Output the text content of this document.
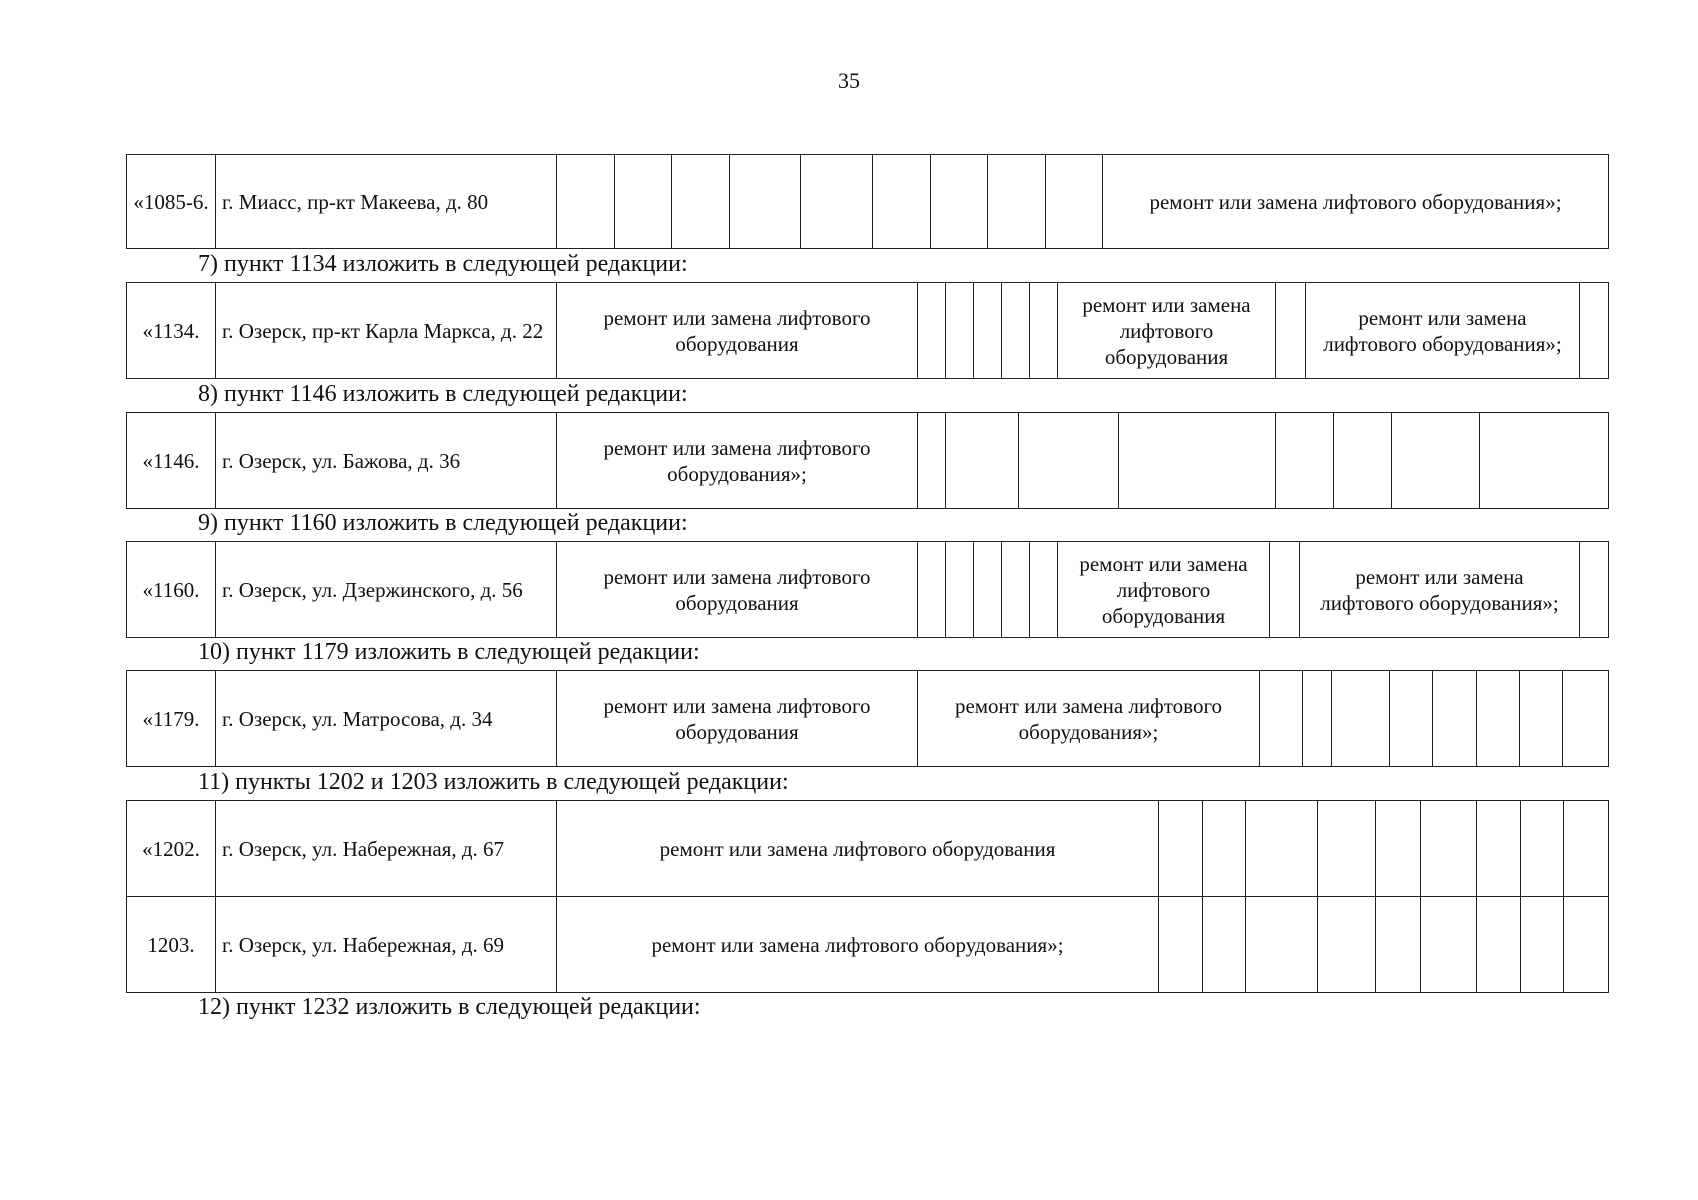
35
«1085-6.	г. Миасс, пр-кт Макеева, д. 80										ремонт или замена лифтового оборудования»;
7) пункт 1134 изложить в следующей редакции:
«1134.	г. Озерск, пр-кт Карла Маркса, д. 22	ремонт или замена лифтового оборудования						ремонт или замена лифтового оборудования		ремонт или замена лифтового оборудования»;	
8) пункт 1146 изложить в следующей редакции:
«1146.	г. Озерск, ул. Бажова, д. 36	ремонт или замена лифтового оборудования»;								
9) пункт 1160 изложить в следующей редакции:
«1160.	г. Озерск, ул. Дзержинского, д. 56	ремонт или замена лифтового оборудования						ремонт или замена лифтового оборудования		ремонт или замена лифтового оборудования»;	
10) пункт 1179 изложить в следующей редакции:
«1179.	г. Озерск, ул. Матросова, д. 34	ремонт или замена лифтового оборудования	ремонт или замена лифтового оборудования»;								
11) пункты 1202 и 1203 изложить в следующей редакции:
«1202.	г. Озерск, ул. Набережная, д. 67	ремонт или замена лифтового оборудования									
1203.	г. Озерск, ул. Набережная, д. 69	ремонт или замена лифтового оборудования»;									
12) пункт 1232 изложить в следующей редакции:
